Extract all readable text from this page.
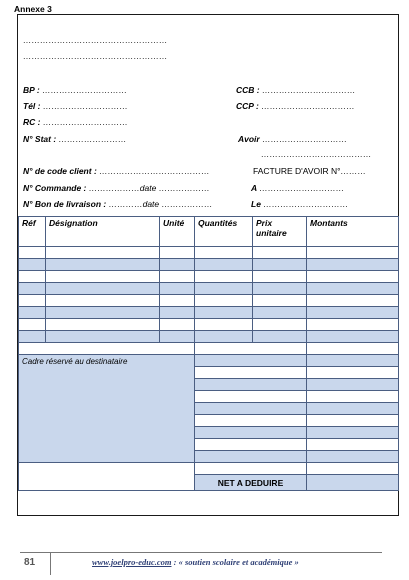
Annexe 3
……………………………………………
……………………………………………
BP : …………………………	CCB : ……………………………
Tél : …………………………	CCP : ……………………………
RC : …………………………
N° Stat : ……………………	Avoir …………………………
…………………………………
N° de code client : …………………………………	FACTURE D'AVOIR N°………
N° Commande : ………………date ………………	A …………………………
N° Bon de livraison : …………date ………………	Le …………………………
Réf	Désignation	Unité	Quantités	Prix unitaire	Montants

Cadre réservé au destinataire					

			NET A DEDUIRE		
81	www.joelpro-educ.com : « soutien scolaire et académique »
